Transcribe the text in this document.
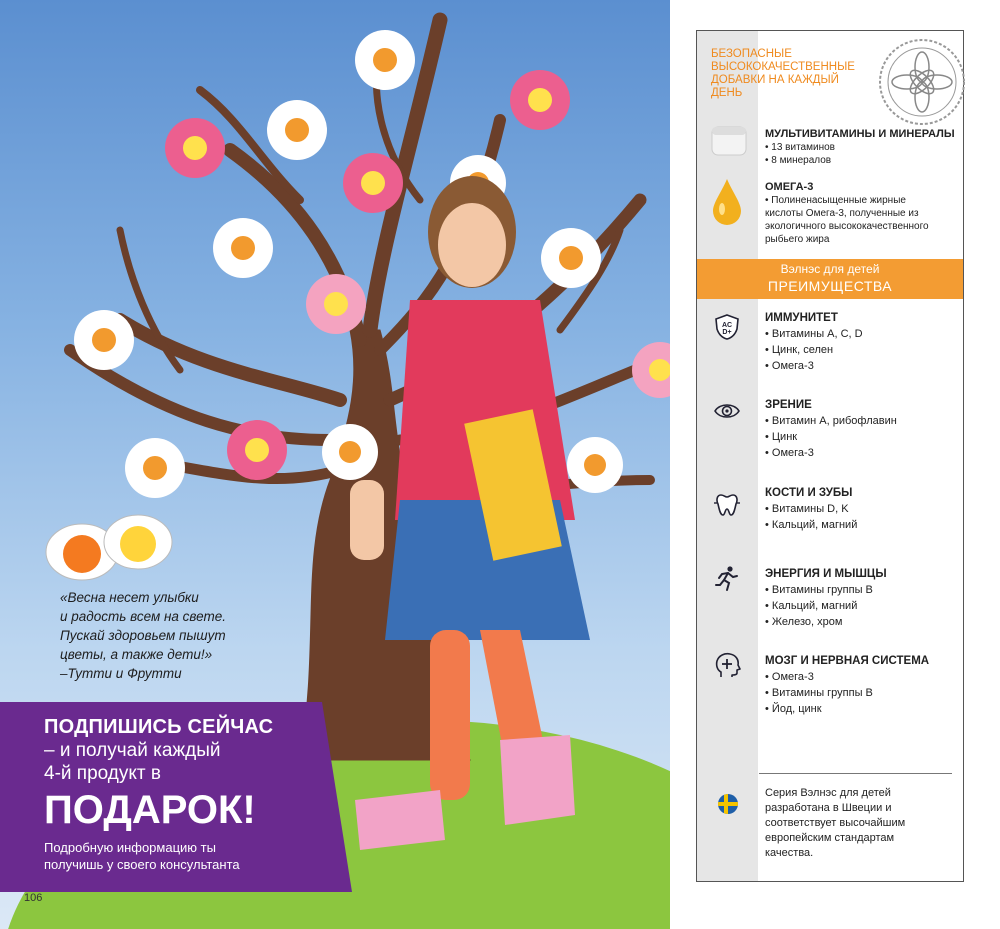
«Весна несет улыбки
и радость всем на свете.
Пускай здоровьем пышут
цветы, а также дети!»
–Тутти и Фрутти
ПОДПИШИСЬ СЕЙЧАС
– и получай каждый
4-й продукт в
ПОДАРОК!
Подробную информацию ты
получишь у своего консультанта
106
БЕЗОПАСНЫЕ
ВЫСОКОКАЧЕСТВЕННЫЕ
ДОБАВКИ НА КАЖДЫЙ
ДЕНЬ
МУЛЬТИВИТАМИНЫ И МИНЕРАЛЫ
• 13 витаминов
• 8 минералов
ОМЕГА-3
• Полиненасыщенные жирные
кислоты Омега-3, полученные из
экологичного высококачественного
рыбьего жира
Вэлнэс для детей
ПРЕИМУЩЕСТВА
AC
D+
ИММУНИТЕТ
• Витамины А, С, D
• Цинк, селен
• Омега-3
ЗРЕНИЕ
• Витамин А, рибофлавин
• Цинк
• Омега-3
КОСТИ И ЗУБЫ
• Витамины D, K
• Кальций, магний
ЭНЕРГИЯ И МЫШЦЫ
• Витамины группы В
• Кальций, магний
• Железо, хром
МОЗГ И НЕРВНАЯ СИСТЕМА
• Омега-3
• Витамины группы В
• Йод, цинк
Серия Вэлнэс для детей
разработана в Швеции и
соответствует высочайшим
европейским стандартам
качества.
